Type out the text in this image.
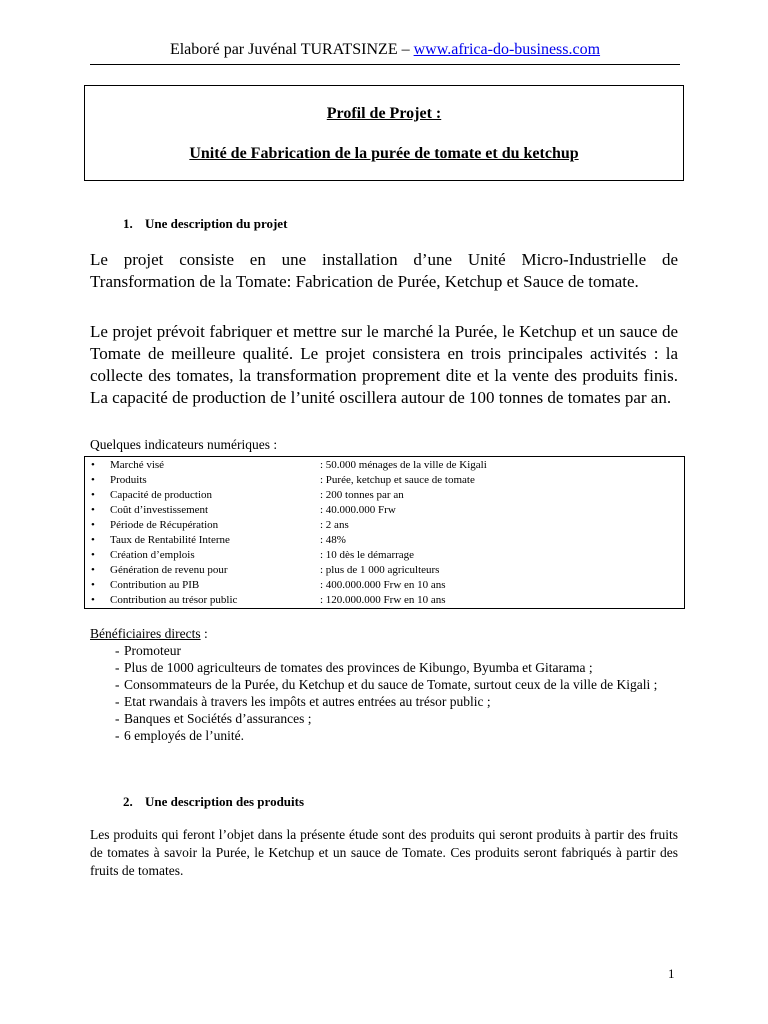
Elaboré par Juvénal TURATSINZE – www.africa-do-business.com
Profil de Projet :
Unité de Fabrication de la purée de tomate et du ketchup
1. Une description du projet
Le projet consiste en une installation d’une Unité Micro-Industrielle de Transformation de la Tomate: Fabrication de Purée, Ketchup et Sauce de tomate.
Le projet prévoit fabriquer et mettre sur le marché la Purée, le Ketchup et un sauce de Tomate de meilleure qualité. Le projet consistera en trois principales activités : la collecte des tomates, la transformation proprement dite et la vente des produits finis. La capacité de production de l’unité oscillera autour de 100 tonnes de tomates par an.
Quelques indicateurs numériques :
• Marché visé	: 50.000 ménages de la ville de Kigali
• Produits	: Purée, ketchup et sauce de tomate
• Capacité de production	: 200 tonnes par an
• Coût d’investissement	: 40.000.000 Frw
• Période de Récupération	: 2 ans
• Taux de Rentabilité Interne	: 48%
• Création d’emplois	: 10 dès le démarrage
• Génération de revenu pour	: plus de 1 000 agriculteurs
• Contribution au PIB	: 400.000.000 Frw en 10 ans
• Contribution au trésor public	: 120.000.000 Frw en 10 ans
Bénéficiaires directs :
- Promoteur
- Plus de 1000 agriculteurs de tomates des provinces de Kibungo, Byumba et Gitarama ;
- Consommateurs de la Purée, du Ketchup et du sauce de Tomate, surtout ceux de la ville de Kigali ;
- Etat rwandais à travers les impôts et autres entrées au trésor public ;
- Banques et Sociétés d’assurances ;
- 6 employés de l’unité.
2. Une description des produits
Les produits qui feront l’objet dans la présente étude sont des produits qui seront produits à partir des fruits de tomates à savoir la Purée, le Ketchup et un sauce de Tomate. Ces produits seront fabriqués à partir des fruits de tomates.
1
